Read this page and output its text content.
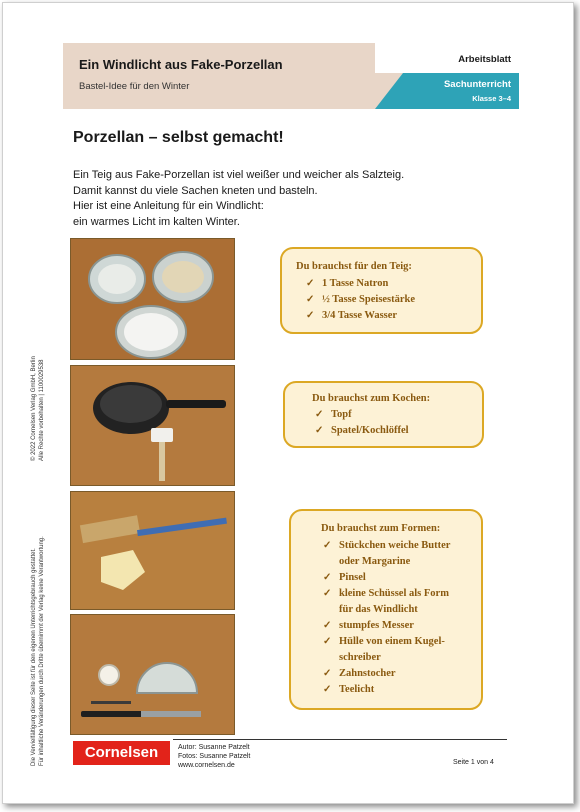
Ein Windlicht aus Fake-Porzellan
Bastel-Idee für den Winter
Arbeitsblatt
Sachunterricht
Klasse 3–4
Porzellan – selbst gemacht!
Ein Teig aus Fake-Porzellan ist viel weißer und weicher als Salzteig.
Damit kannst du viele Sachen kneten und basteln.
Hier ist eine Anleitung für ein Windlicht:
ein warmes Licht im kalten Winter.
Du brauchst für den Teig:
✓ 1 Tasse Natron
✓ ½ Tasse Speisestärke
✓ 3/4 Tasse Wasser
Du brauchst zum Kochen:
✓ Topf
✓ Spatel/Kochlöffel
Du brauchst zum Formen:
✓ Stückchen weiche Butter oder Margarine
✓ Pinsel
✓ kleine Schüssel als Form für das Windlicht
✓ stumpfes Messer
✓ Hülle von einem Kugel-schreiber
✓ Zahnstocher
✓ Teelicht
Cornelsen	Autor: Susanne Patzelt
Fotos: Susanne Patzelt
www.cornelsen.de	Seite 1 von 4
© 2022 Cornelsen Verlag GmbH, Berlin Alle Rechte vorbehalten | 1100029538
Die Vervielfältigung dieser Seite ist für den eigenen Unterrichtsgebrauch gestattet. Für inhaltliche Veränderungen durch Dritte übernimmt der Verlag keine Verantwortung.
